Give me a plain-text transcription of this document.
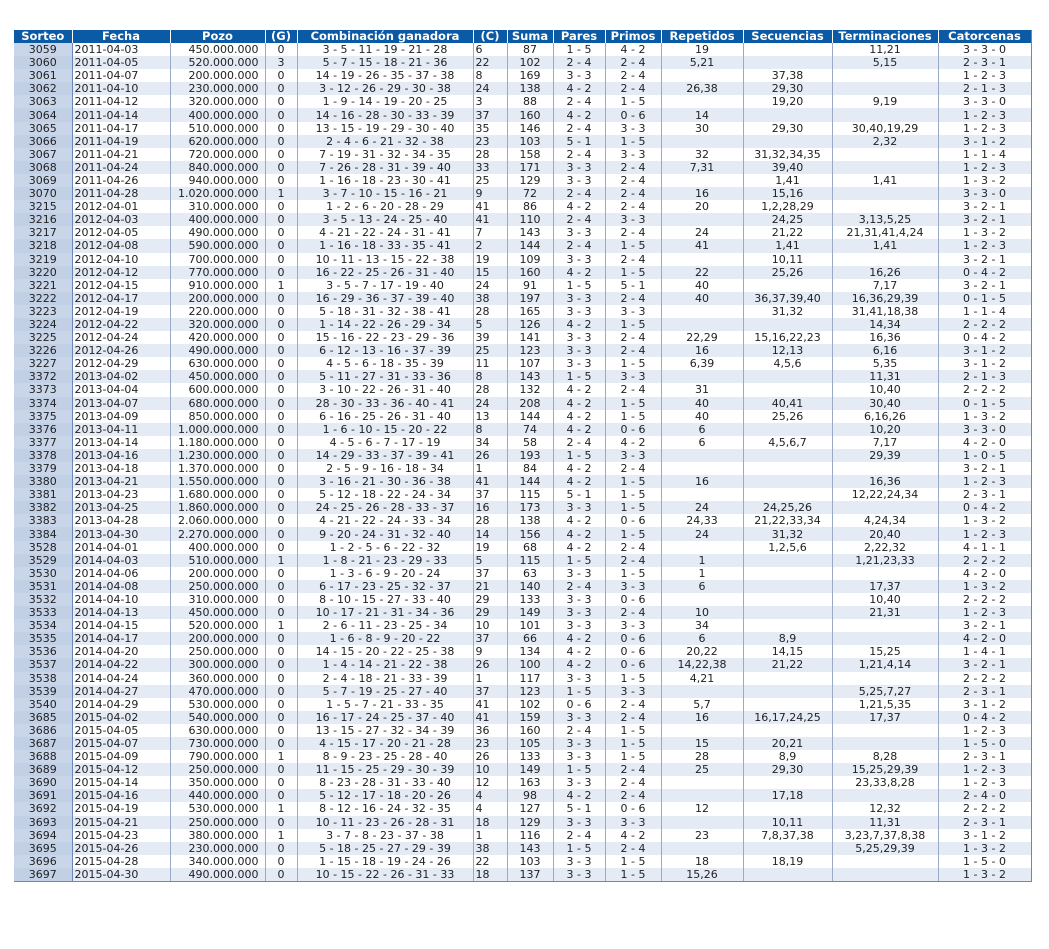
Sorteo	Fecha	Pozo	(G)	Combinación ganadora	(C)	Suma	Pares	Primos	Repetidos	Secuencias	Terminaciones	Catorcenas
3059	2011-04-03	450.000.000	0	3 - 5 - 11 - 19 - 21 - 28	6	87	1 - 5	4 - 2	19		11,21	3 - 3 - 0
3060	2011-04-05	520.000.000	3	5 - 7 - 15 - 18 - 21 - 36	22	102	2 - 4	2 - 4	5,21		5,15	2 - 3 - 1
3061	2011-04-07	200.000.000	0	14 - 19 - 26 - 35 - 37 - 38	8	169	3 - 3	2 - 4		37,38		1 - 2 - 3
3062	2011-04-10	230.000.000	0	3 - 12 - 26 - 29 - 30 - 38	24	138	4 - 2	2 - 4	26,38	29,30		2 - 1 - 3
3063	2011-04-12	320.000.000	0	1 - 9 - 14 - 19 - 20 - 25	3	88	2 - 4	1 - 5		19,20	9,19	3 - 3 - 0
3064	2011-04-14	400.000.000	0	14 - 16 - 28 - 30 - 33 - 39	37	160	4 - 2	0 - 6	14			1 - 2 - 3
3065	2011-04-17	510.000.000	0	13 - 15 - 19 - 29 - 30 - 40	35	146	2 - 4	3 - 3	30	29,30	30,40,19,29	1 - 2 - 3
3066	2011-04-19	620.000.000	0	2 - 4 - 6 - 21 - 32 - 38	23	103	5 - 1	1 - 5			2,32	3 - 1 - 2
3067	2011-04-21	720.000.000	0	7 - 19 - 31 - 32 - 34 - 35	28	158	2 - 4	3 - 3	32	31,32,34,35		1 - 1 - 4
3068	2011-04-24	840.000.000	0	7 - 26 - 28 - 31 - 39 - 40	33	171	3 - 3	2 - 4	7,31	39,40		1 - 2 - 3
3069	2011-04-26	940.000.000	0	1 - 16 - 18 - 23 - 30 - 41	25	129	3 - 3	2 - 4		1,41	1,41	1 - 3 - 2
3070	2011-04-28	1.020.000.000	1	3 - 7 - 10 - 15 - 16 - 21	9	72	2 - 4	2 - 4	16	15,16		3 - 3 - 0
3215	2012-04-01	310.000.000	0	1 - 2 - 6 - 20 - 28 - 29	41	86	4 - 2	2 - 4	20	1,2,28,29		3 - 2 - 1
3216	2012-04-03	400.000.000	0	3 - 5 - 13 - 24 - 25 - 40	41	110	2 - 4	3 - 3		24,25	3,13,5,25	3 - 2 - 1
3217	2012-04-05	490.000.000	0	4 - 21 - 22 - 24 - 31 - 41	7	143	3 - 3	2 - 4	24	21,22	21,31,41,4,24	1 - 3 - 2
3218	2012-04-08	590.000.000	0	1 - 16 - 18 - 33 - 35 - 41	2	144	2 - 4	1 - 5	41	1,41	1,41	1 - 2 - 3
3219	2012-04-10	700.000.000	0	10 - 11 - 13 - 15 - 22 - 38	19	109	3 - 3	2 - 4		10,11		3 - 2 - 1
3220	2012-04-12	770.000.000	0	16 - 22 - 25 - 26 - 31 - 40	15	160	4 - 2	1 - 5	22	25,26	16,26	0 - 4 - 2
3221	2012-04-15	910.000.000	1	3 - 5 - 7 - 17 - 19 - 40	24	91	1 - 5	5 - 1	40		7,17	3 - 2 - 1
3222	2012-04-17	200.000.000	0	16 - 29 - 36 - 37 - 39 - 40	38	197	3 - 3	2 - 4	40	36,37,39,40	16,36,29,39	0 - 1 - 5
3223	2012-04-19	220.000.000	0	5 - 18 - 31 - 32 - 38 - 41	28	165	3 - 3	3 - 3		31,32	31,41,18,38	1 - 1 - 4
3224	2012-04-22	320.000.000	0	1 - 14 - 22 - 26 - 29 - 34	5	126	4 - 2	1 - 5			14,34	2 - 2 - 2
3225	2012-04-24	420.000.000	0	15 - 16 - 22 - 23 - 29 - 36	39	141	3 - 3	2 - 4	22,29	15,16,22,23	16,36	0 - 4 - 2
3226	2012-04-26	490.000.000	0	6 - 12 - 13 - 16 - 37 - 39	25	123	3 - 3	2 - 4	16	12,13	6,16	3 - 1 - 2
3227	2012-04-29	630.000.000	0	4 - 5 - 6 - 18 - 35 - 39	11	107	3 - 3	1 - 5	6,39	4,5,6	5,35	3 - 1 - 2
3372	2013-04-02	450.000.000	0	5 - 11 - 27 - 31 - 33 - 36	8	143	1 - 5	3 - 3			11,31	2 - 1 - 3
3373	2013-04-04	600.000.000	0	3 - 10 - 22 - 26 - 31 - 40	28	132	4 - 2	2 - 4	31		10,40	2 - 2 - 2
3374	2013-04-07	680.000.000	0	28 - 30 - 33 - 36 - 40 - 41	24	208	4 - 2	1 - 5	40	40,41	30,40	0 - 1 - 5
3375	2013-04-09	850.000.000	0	6 - 16 - 25 - 26 - 31 - 40	13	144	4 - 2	1 - 5	40	25,26	6,16,26	1 - 3 - 2
3376	2013-04-11	1.000.000.000	0	1 - 6 - 10 - 15 - 20 - 22	8	74	4 - 2	0 - 6	6		10,20	3 - 3 - 0
3377	2013-04-14	1.180.000.000	0	4 - 5 - 6 - 7 - 17 - 19	34	58	2 - 4	4 - 2	6	4,5,6,7	7,17	4 - 2 - 0
3378	2013-04-16	1.230.000.000	0	14 - 29 - 33 - 37 - 39 - 41	26	193	1 - 5	3 - 3			29,39	1 - 0 - 5
3379	2013-04-18	1.370.000.000	0	2 - 5 - 9 - 16 - 18 - 34	1	84	4 - 2	2 - 4				3 - 2 - 1
3380	2013-04-21	1.550.000.000	0	3 - 16 - 21 - 30 - 36 - 38	41	144	4 - 2	1 - 5	16		16,36	1 - 2 - 3
3381	2013-04-23	1.680.000.000	0	5 - 12 - 18 - 22 - 24 - 34	37	115	5 - 1	1 - 5			12,22,24,34	2 - 3 - 1
3382	2013-04-25	1.860.000.000	0	24 - 25 - 26 - 28 - 33 - 37	16	173	3 - 3	1 - 5	24	24,25,26		0 - 4 - 2
3383	2013-04-28	2.060.000.000	0	4 - 21 - 22 - 24 - 33 - 34	28	138	4 - 2	0 - 6	24,33	21,22,33,34	4,24,34	1 - 3 - 2
3384	2013-04-30	2.270.000.000	0	9 - 20 - 24 - 31 - 32 - 40	14	156	4 - 2	1 - 5	24	31,32	20,40	1 - 2 - 3
3528	2014-04-01	400.000.000	0	1 - 2 - 5 - 6 - 22 - 32	19	68	4 - 2	2 - 4		1,2,5,6	2,22,32	4 - 1 - 1
3529	2014-04-03	510.000.000	1	1 - 8 - 21 - 23 - 29 - 33	5	115	1 - 5	2 - 4	1		1,21,23,33	2 - 2 - 2
3530	2014-04-06	200.000.000	0	1 - 3 - 6 - 9 - 20 - 24	37	63	3 - 3	1 - 5	1			4 - 2 - 0
3531	2014-04-08	250.000.000	0	6 - 17 - 23 - 25 - 32 - 37	21	140	2 - 4	3 - 3	6		17,37	1 - 3 - 2
3532	2014-04-10	310.000.000	0	8 - 10 - 15 - 27 - 33 - 40	29	133	3 - 3	0 - 6			10,40	2 - 2 - 2
3533	2014-04-13	450.000.000	0	10 - 17 - 21 - 31 - 34 - 36	29	149	3 - 3	2 - 4	10		21,31	1 - 2 - 3
3534	2014-04-15	520.000.000	1	2 - 6 - 11 - 23 - 25 - 34	10	101	3 - 3	3 - 3	34			3 - 2 - 1
3535	2014-04-17	200.000.000	0	1 - 6 - 8 - 9 - 20 - 22	37	66	4 - 2	0 - 6	6	8,9		4 - 2 - 0
3536	2014-04-20	250.000.000	0	14 - 15 - 20 - 22 - 25 - 38	9	134	4 - 2	0 - 6	20,22	14,15	15,25	1 - 4 - 1
3537	2014-04-22	300.000.000	0	1 - 4 - 14 - 21 - 22 - 38	26	100	4 - 2	0 - 6	14,22,38	21,22	1,21,4,14	3 - 2 - 1
3538	2014-04-24	360.000.000	0	2 - 4 - 18 - 21 - 33 - 39	1	117	3 - 3	1 - 5	4,21			2 - 2 - 2
3539	2014-04-27	470.000.000	0	5 - 7 - 19 - 25 - 27 - 40	37	123	1 - 5	3 - 3			5,25,7,27	2 - 3 - 1
3540	2014-04-29	530.000.000	0	1 - 5 - 7 - 21 - 33 - 35	41	102	0 - 6	2 - 4	5,7		1,21,5,35	3 - 1 - 2
3685	2015-04-02	540.000.000	0	16 - 17 - 24 - 25 - 37 - 40	41	159	3 - 3	2 - 4	16	16,17,24,25	17,37	0 - 4 - 2
3686	2015-04-05	630.000.000	0	13 - 15 - 27 - 32 - 34 - 39	36	160	2 - 4	1 - 5				1 - 2 - 3
3687	2015-04-07	730.000.000	0	4 - 15 - 17 - 20 - 21 - 28	23	105	3 - 3	1 - 5	15	20,21		1 - 5 - 0
3688	2015-04-09	790.000.000	1	8 - 9 - 23 - 25 - 28 - 40	26	133	3 - 3	1 - 5	28	8,9	8,28	2 - 3 - 1
3689	2015-04-12	250.000.000	0	11 - 15 - 25 - 29 - 30 - 39	10	149	1 - 5	2 - 4	25	29,30	15,25,29,39	1 - 2 - 3
3690	2015-04-14	350.000.000	0	8 - 23 - 28 - 31 - 33 - 40	12	163	3 - 3	2 - 4			23,33,8,28	1 - 2 - 3
3691	2015-04-16	440.000.000	0	5 - 12 - 17 - 18 - 20 - 26	4	98	4 - 2	2 - 4		17,18		2 - 4 - 0
3692	2015-04-19	530.000.000	1	8 - 12 - 16 - 24 - 32 - 35	4	127	5 - 1	0 - 6	12		12,32	2 - 2 - 2
3693	2015-04-21	250.000.000	0	10 - 11 - 23 - 26 - 28 - 31	18	129	3 - 3	3 - 3		10,11	11,31	2 - 3 - 1
3694	2015-04-23	380.000.000	1	3 - 7 - 8 - 23 - 37 - 38	1	116	2 - 4	4 - 2	23	7,8,37,38	3,23,7,37,8,38	3 - 1 - 2
3695	2015-04-26	230.000.000	0	5 - 18 - 25 - 27 - 29 - 39	38	143	1 - 5	2 - 4			5,25,29,39	1 - 3 - 2
3696	2015-04-28	340.000.000	0	1 - 15 - 18 - 19 - 24 - 26	22	103	3 - 3	1 - 5	18	18,19		1 - 5 - 0
3697	2015-04-30	490.000.000	0	10 - 15 - 22 - 26 - 31 - 33	18	137	3 - 3	1 - 5	15,26			1 - 3 - 2
